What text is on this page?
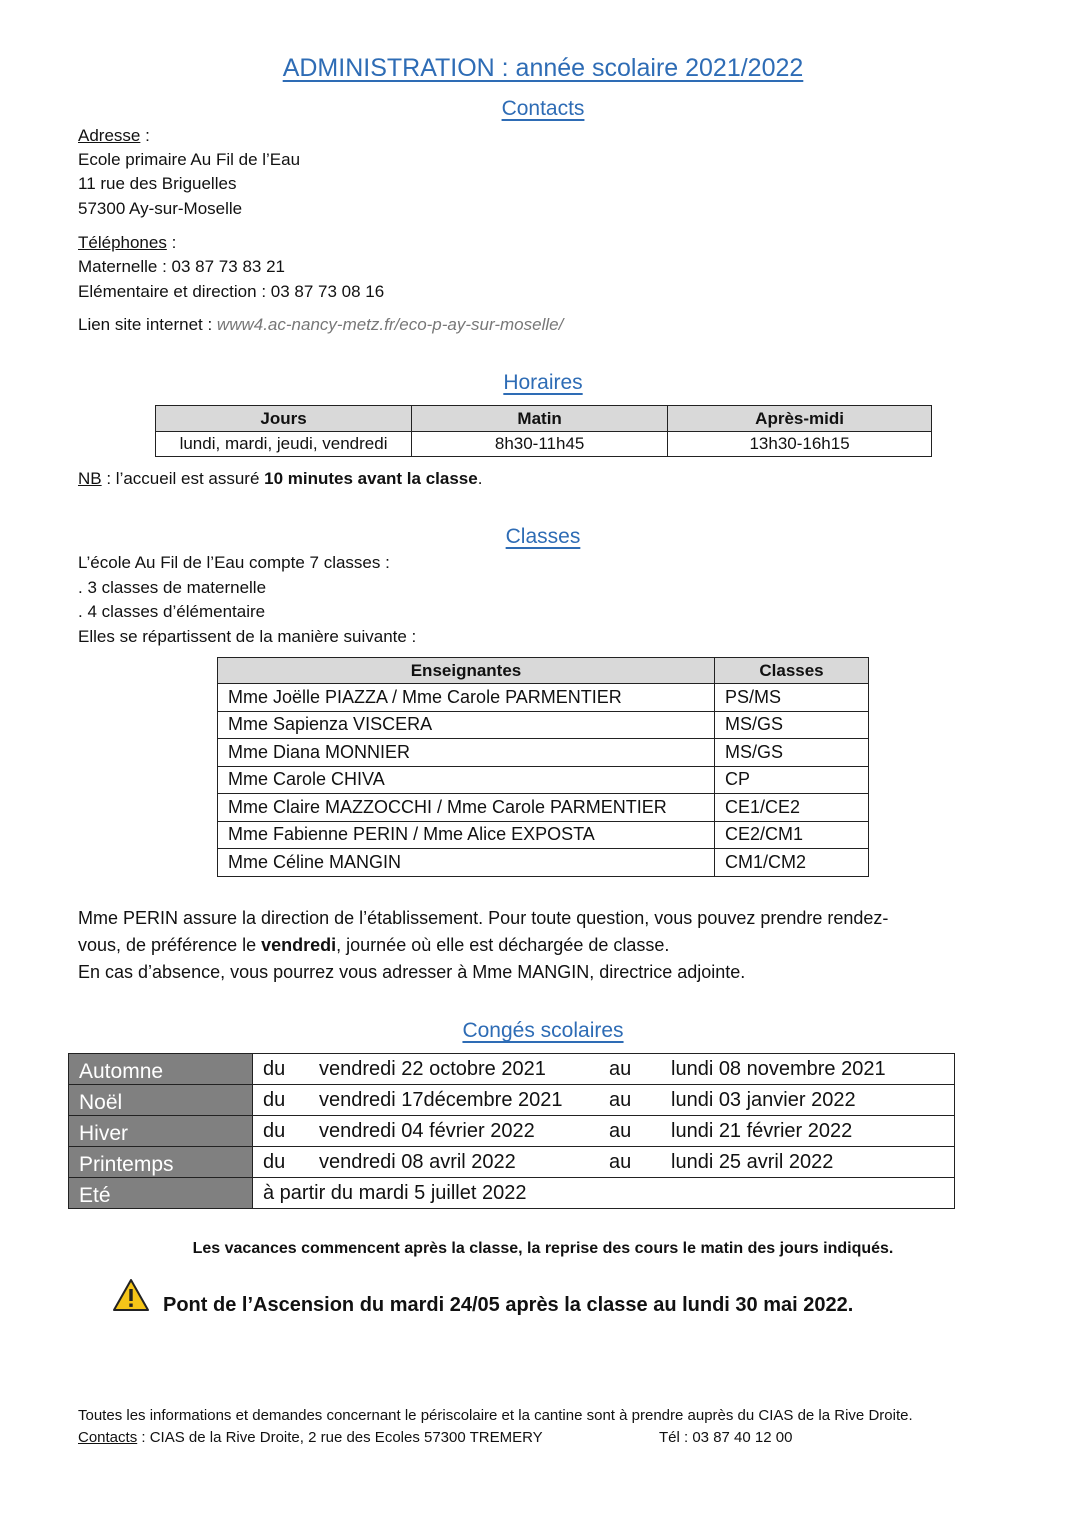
ADMINISTRATION : année scolaire 2021/2022
Contacts
Adresse :
Ecole primaire Au Fil de l’Eau
11 rue des Briguelles
57300 Ay-sur-Moselle
Téléphones :
Maternelle : 03 87 73 83 21
Elémentaire et direction : 03 87 73 08 16
Lien site internet : www4.ac-nancy-metz.fr/eco-p-ay-sur-moselle/
Horaires
Jours	Matin	Après-midi
lundi, mardi, jeudi, vendredi	8h30-11h45	13h30-16h15
NB : l’accueil est assuré 10 minutes avant la classe.
Classes
L’école Au Fil de l’Eau compte 7 classes :
. 3 classes de maternelle
. 4 classes d’élémentaire
Elles se répartissent de la manière suivante :
Enseignantes	Classes
Mme Joëlle PIAZZA / Mme Carole PARMENTIER	PS/MS
Mme Sapienza VISCERA	MS/GS
Mme Diana MONNIER	MS/GS
Mme Carole CHIVA	CP
Mme Claire MAZZOCCHI / Mme Carole PARMENTIER	CE1/CE2
Mme Fabienne PERIN / Mme Alice EXPOSTA	CE2/CM1
Mme Céline MANGIN	CM1/CM2
Mme PERIN assure la direction de l’établissement. Pour toute question, vous pouvez prendre rendez-
vous, de préférence le vendredi, journée où elle est déchargée de classe.
En cas d’absence, vous pourrez vous adresser à Mme MANGIN, directrice adjointe.
Congés scolaires
Automne	du vendredi 22 octobre 2021 au lundi 08 novembre 2021
Noël	du vendredi 17décembre 2021 au lundi 03 janvier 2022
Hiver	du vendredi 04 février 2022 au lundi 21 février 2022
Printemps	du vendredi 08 avril 2022 au lundi 25 avril 2022
Eté	à partir du mardi 5 juillet 2022
Les vacances commencent après la classe, la reprise des cours le matin des jours indiqués.
Pont de l’Ascension du mardi 24/05 après la classe au lundi 30 mai 2022.
Toutes les informations et demandes concernant le périscolaire et la cantine sont à prendre auprès du CIAS de la Rive Droite.
Contacts : CIAS de la Rive Droite, 2 rue des Ecoles 57300 TREMERY	Tél : 03 87 40 12 00
